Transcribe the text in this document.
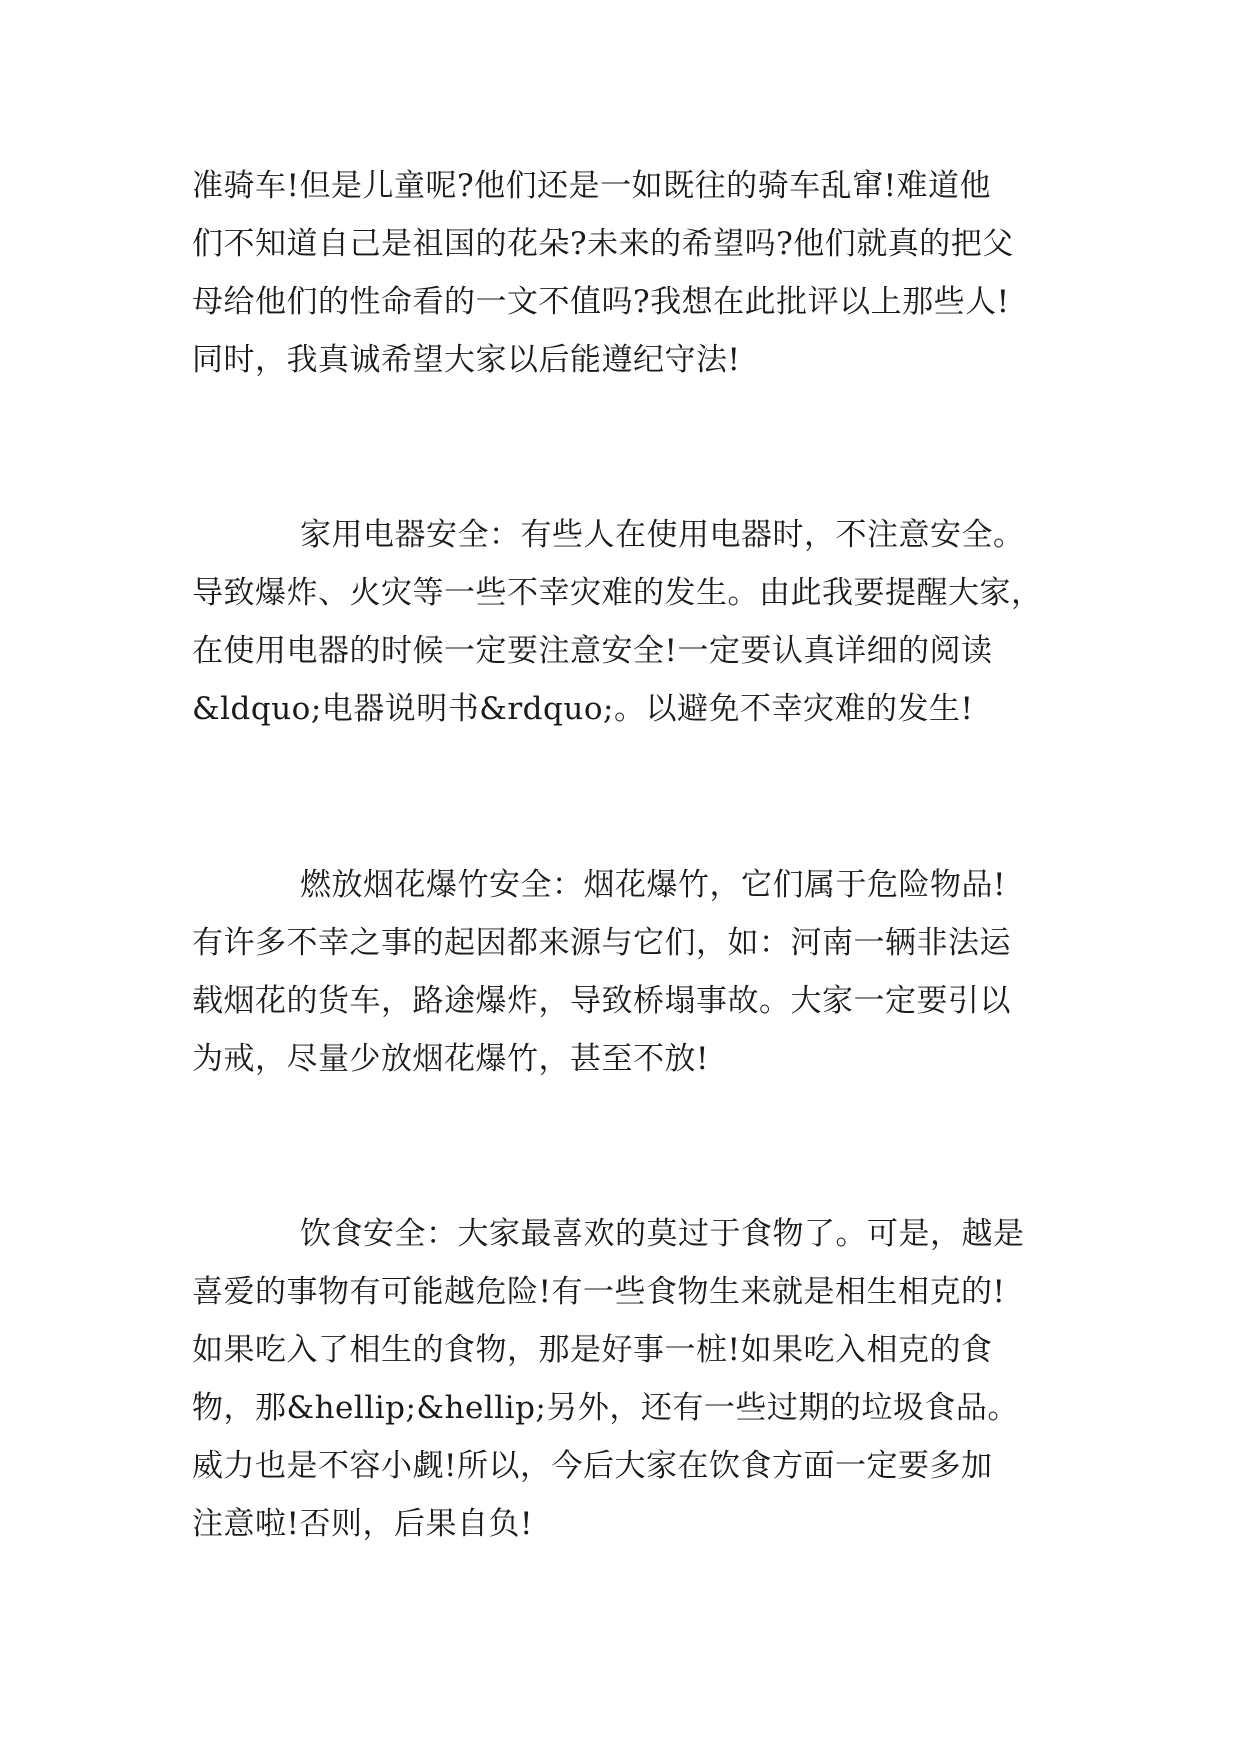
准骑车!但是儿童呢?他们还是一如既往的骑车乱窜!难道他
们不知道自己是祖国的花朵?未来的希望吗?他们就真的把父
母给他们的性命看的一文不值吗?我想在此批评以上那些人!
同时，我真诚希望大家以后能遵纪守法!
家用电器安全：有些人在使用电器时，不注意安全。
导致爆炸、火灾等一些不幸灾难的发生。由此我要提醒大家，
在使用电器的时候一定要注意安全!一定要认真详细的阅读
&ldquo;电器说明书&rdquo;。以避免不幸灾难的发生!
燃放烟花爆竹安全：烟花爆竹，它们属于危险物品!
有许多不幸之事的起因都来源与它们，如：河南一辆非法运
载烟花的货车，路途爆炸，导致桥塌事故。大家一定要引以
为戒，尽量少放烟花爆竹，甚至不放!
饮食安全：大家最喜欢的莫过于食物了。可是，越是
喜爱的事物有可能越危险!有一些食物生来就是相生相克的!
如果吃入了相生的食物，那是好事一桩!如果吃入相克的食
物，那&hellip;&hellip;另外，还有一些过期的垃圾食品。
威力也是不容小觑!所以，今后大家在饮食方面一定要多加
注意啦!否则，后果自负!
